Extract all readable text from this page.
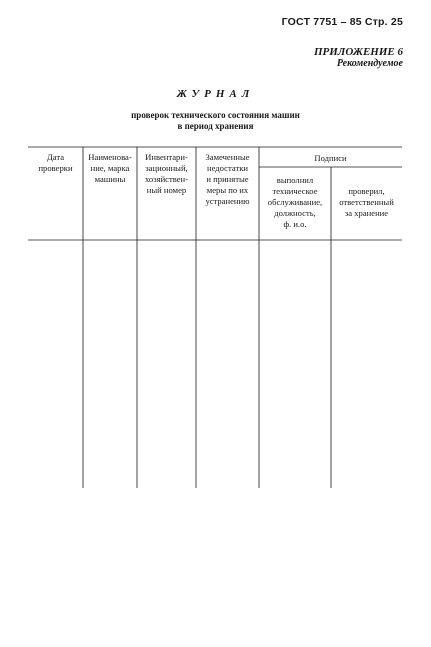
ГОСТ 7751 – 85 Стр. 25
ПРИЛОЖЕНИЕ 6
Рекомендуемое
ЖУРНАЛ
проверок технического состояния машин
в период хранения
Дата
проверки
Наименова-
ние, марка
машины
Инвентари-
зационный,
хозяйствен-
ный номер
Замеченные
недостатки
и принятые
меры по их
устранению
Подписи
выполнил
техническое
обслуживание,
должность,
ф. и.о.
проверил,
ответственный
за хранение
